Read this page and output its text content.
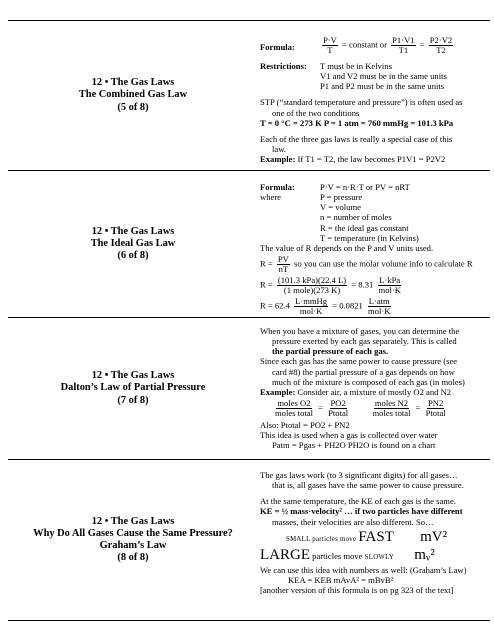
12 • The Gas Laws
The Combined Gas Law
(5 of 8)
Formula:	$\frac{P\cdot V}{T}$ = constant or $\frac{P1\cdot V1}{T1} = \frac{P2\cdot V2}{T2}$
Restrictions:	T must be in Kelvins
V1 and V2 must be in the same units
P1 and P2 must be in the same units
STP (“standard temperature and pressure”) is often used as
one of the two conditions
T = 0 °C = 273 K P = 1 atm = 760 mmHg = 101.3 kPa
Each of the three gas laws is really a special case of this
law.
Example: If T1 = T2, the law becomes P1V1 = P2V2
12 • The Gas Laws
The Ideal Gas Law
(6 of 8)
Formula:	P·V = n·R·T or PV = nRT
where	P = pressure
V = volume
n = number of moles
R = the ideal gas constant
T = temperature (in Kelvins)
The value of R depends on the P and V units used.
$R = \frac{PV}{nT}$ so you can use the molar volume info to calculate R
$R = \frac{\text{(101.3 kPa)(22.4 L)}}{\text{(1 mole)(273 K)}} = 8.31 \frac{\text{L·kPa}}{\text{mol·K}}$
$R = 62.4 \frac{\text{L·mmHg}}{\text{mol·K}} = 0.0821 \frac{\text{L·atm}}{\text{mol·K}}$
12 • The Gas Laws
Dalton’s Law of Partial Pressure
(7 of 8)
When you have a mixture of gases, you can determine the
pressure exerted by each gas separately. This is called
the partial pressure of each gas.
Since each gas has the same power to cause pressure (see
card #8) the partial pressure of a gas depends on how
much of the mixture is composed of each gas (in moles)
Example: Consider air, a mixture of mostly O2 and N2
$\frac{\text{moles O2}}{\text{moles total}} = \frac{PO2}{\text{Ptotal}}$
	$\frac{\text{moles N2}}{\text{moles total}} = \frac{PN2}{\text{Ptotal}}$
Also: Ptotal = PO2 + PN2
This idea is used when a gas is collected over water
Patm = Pgas + PH2O PH2O is found on a chart
12 • The Gas Laws
Why Do All Gases Cause the Same Pressure?
Graham’s Law
(8 of 8)
The gas laws work (to 3 significant digits) for all gases…
that is, all gases have the same power to cause pressure.
At the same temperature, the KE of each gas is the same.
KE = ½ mass·velocity² … if two particles have different
masses, their velocities are also different. So…
SMALL particles move FAST mV²
LARGE particles move SLOWLY mᵥ²
We can use this idea with numbers as well: (Graham’s Law)
KEA = KEB mAvA² = mBvB²
[another version of this formula is on pg 323 of the text]
